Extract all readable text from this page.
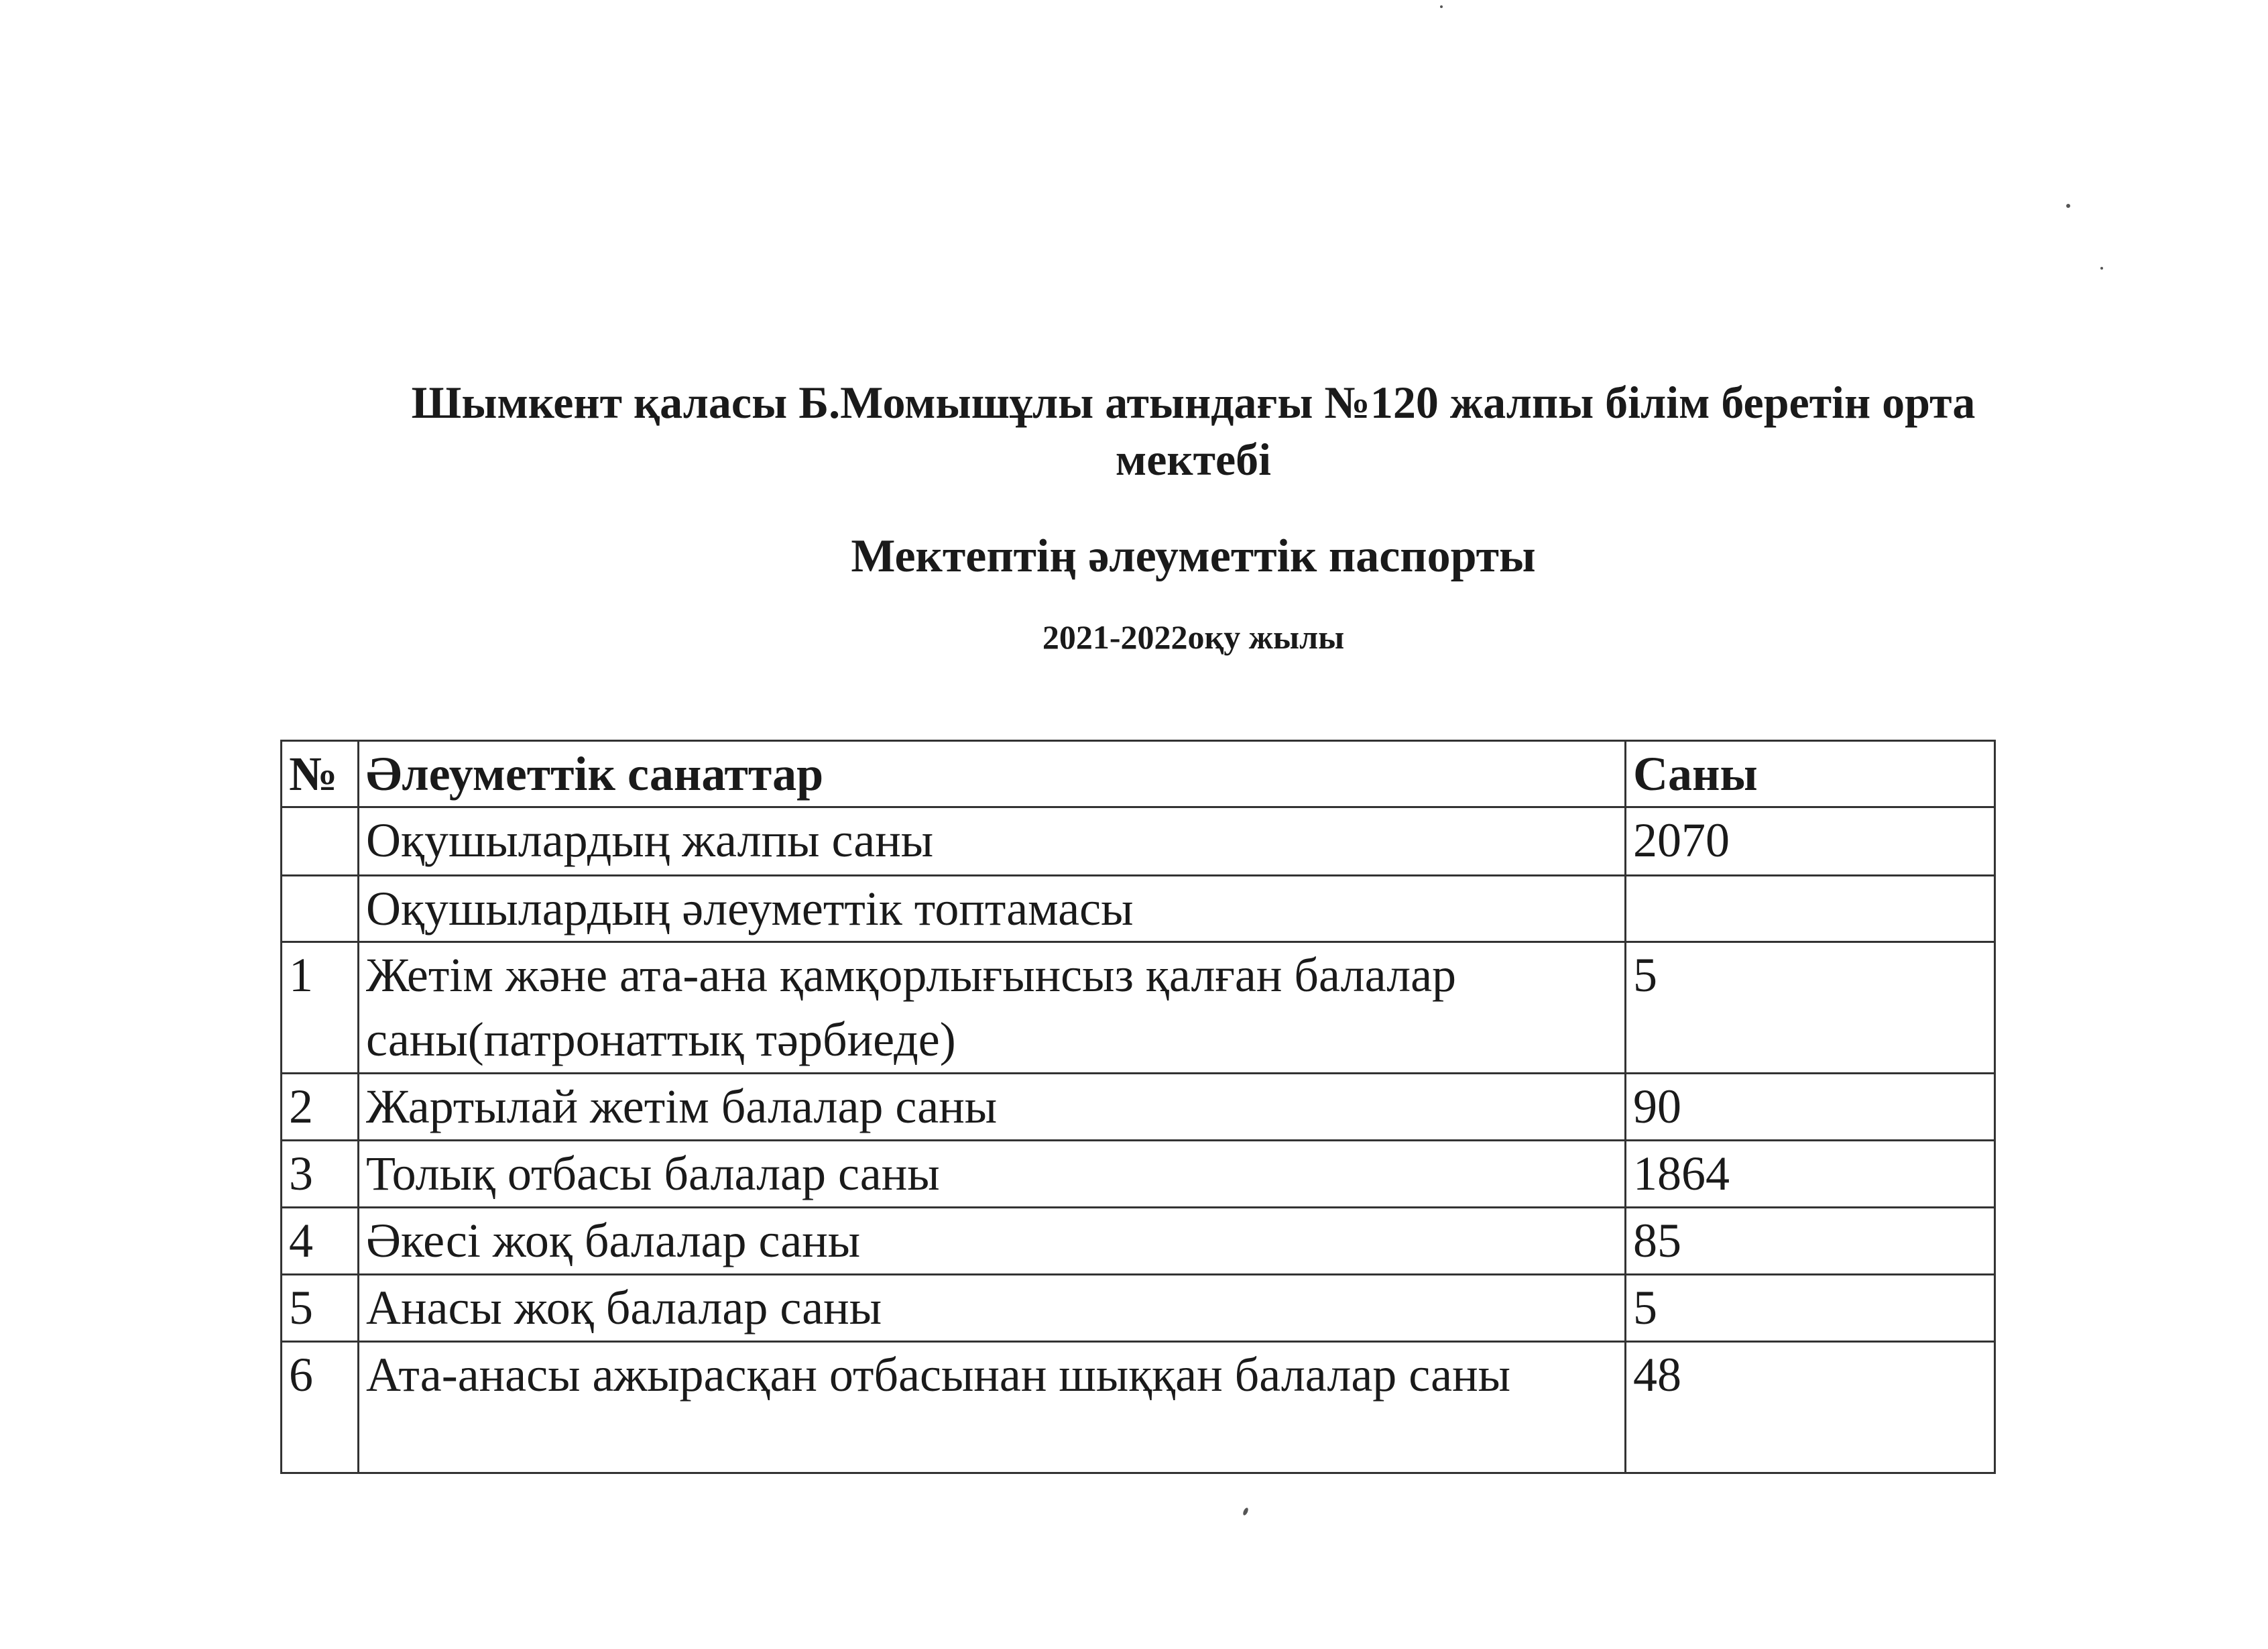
Шымкент қаласы Б.Момышұлы атындағы №120 жалпы білім беретін орта
мектебі
Мектептің әлеуметтік паспорты
2021-2022оқу жылы
№	Әлеуметтік санаттар	Саны
	Оқушылардың жалпы саны	2070
	Оқушылардың әлеуметтік топтамасы	
1	Жетім және ата-ана қамқорлығынсыз қалған балалар саны(патронаттық тәрбиеде)	5
2	Жартылай жетім балалар саны	90
3	Толық отбасы балалар саны	1864
4	Әкесі жоқ балалар саны	85
5	Анасы жоқ балалар саны	5
6	Ата-анасы ажырасқан отбасынан шыққан балалар саны	48
